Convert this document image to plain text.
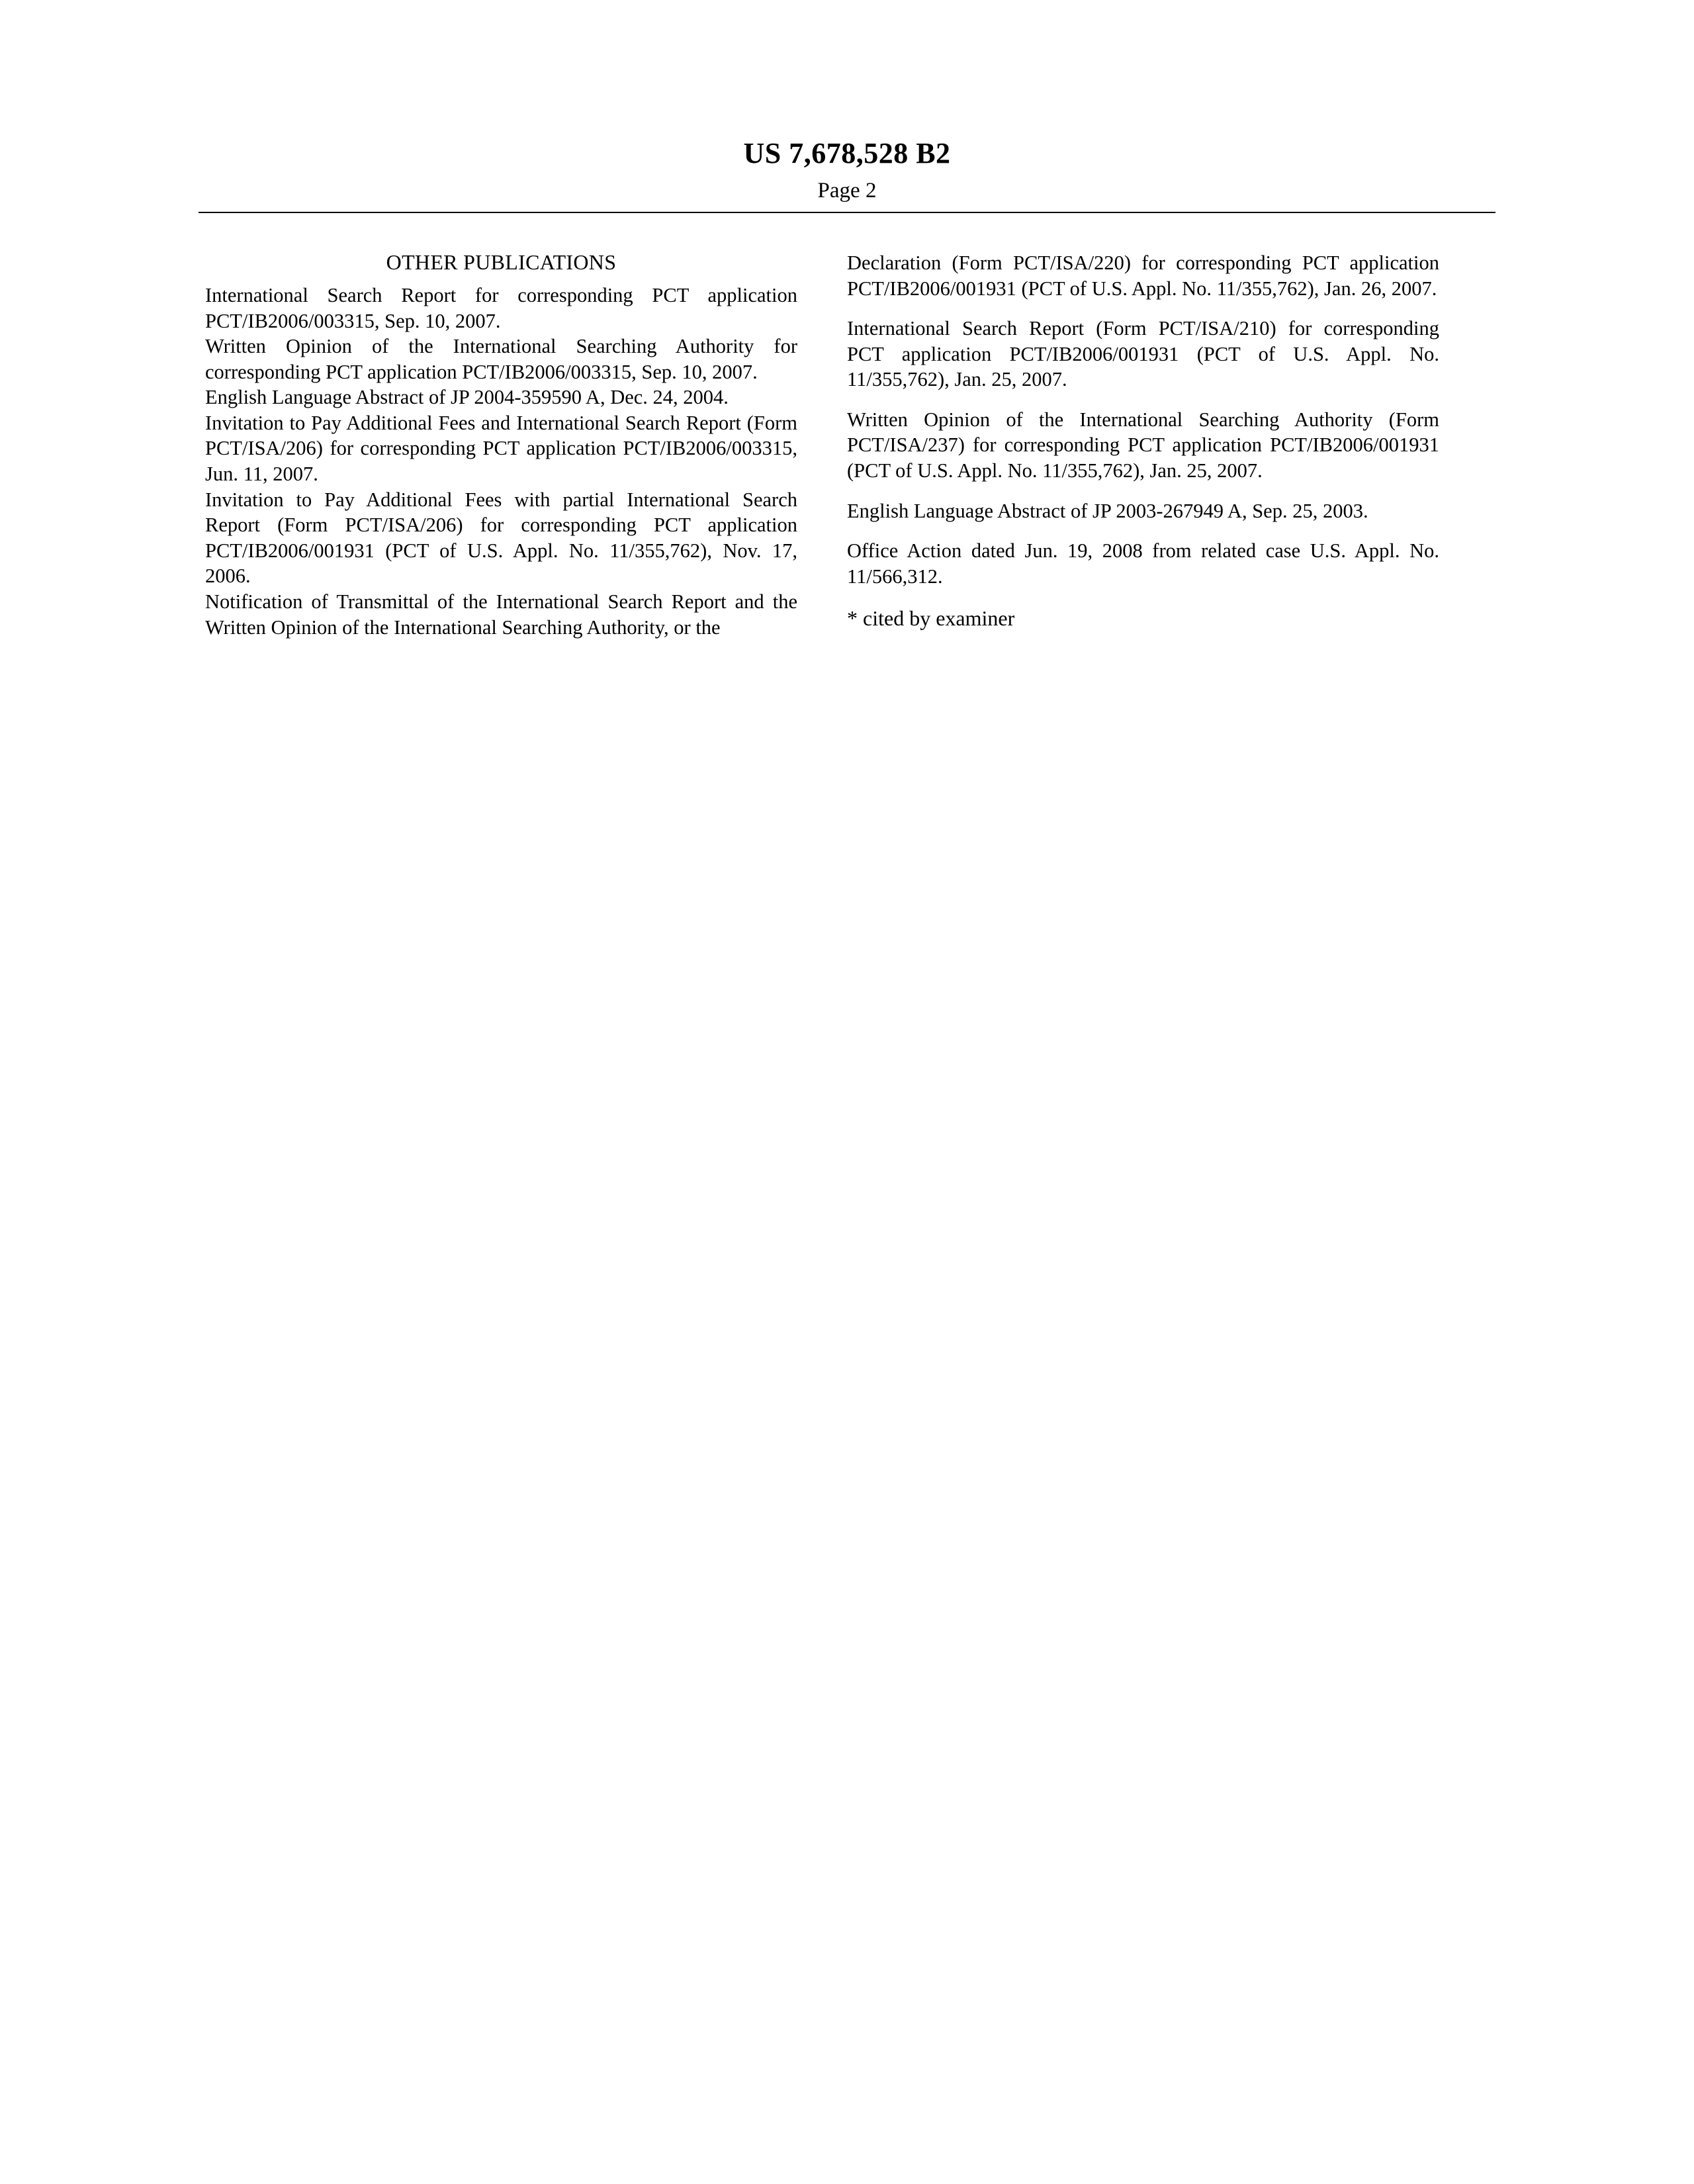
US 7,678,528 B2
Page 2
OTHER PUBLICATIONS
International Search Report for corresponding PCT application PCT/IB2006/003315, Sep. 10, 2007.
Written Opinion of the International Searching Authority for corresponding PCT application PCT/IB2006/003315, Sep. 10, 2007.
English Language Abstract of JP 2004-359590 A, Dec. 24, 2004.
Invitation to Pay Additional Fees and International Search Report (Form PCT/ISA/206) for corresponding PCT application PCT/IB2006/003315, Jun. 11, 2007.
Invitation to Pay Additional Fees with partial International Search Report (Form PCT/ISA/206) for corresponding PCT application PCT/IB2006/001931 (PCT of U.S. Appl. No. 11/355,762), Nov. 17, 2006.
Notification of Transmittal of the International Search Report and the Written Opinion of the International Searching Authority, or the
Declaration (Form PCT/ISA/220) for corresponding PCT application PCT/IB2006/001931 (PCT of U.S. Appl. No. 11/355,762), Jan. 26, 2007.
International Search Report (Form PCT/ISA/210) for corresponding PCT application PCT/IB2006/001931 (PCT of U.S. Appl. No. 11/355,762), Jan. 25, 2007.
Written Opinion of the International Searching Authority (Form PCT/ISA/237) for corresponding PCT application PCT/IB2006/001931 (PCT of U.S. Appl. No. 11/355,762), Jan. 25, 2007.
English Language Abstract of JP 2003-267949 A, Sep. 25, 2003.
Office Action dated Jun. 19, 2008 from related case U.S. Appl. No. 11/566,312.
* cited by examiner
